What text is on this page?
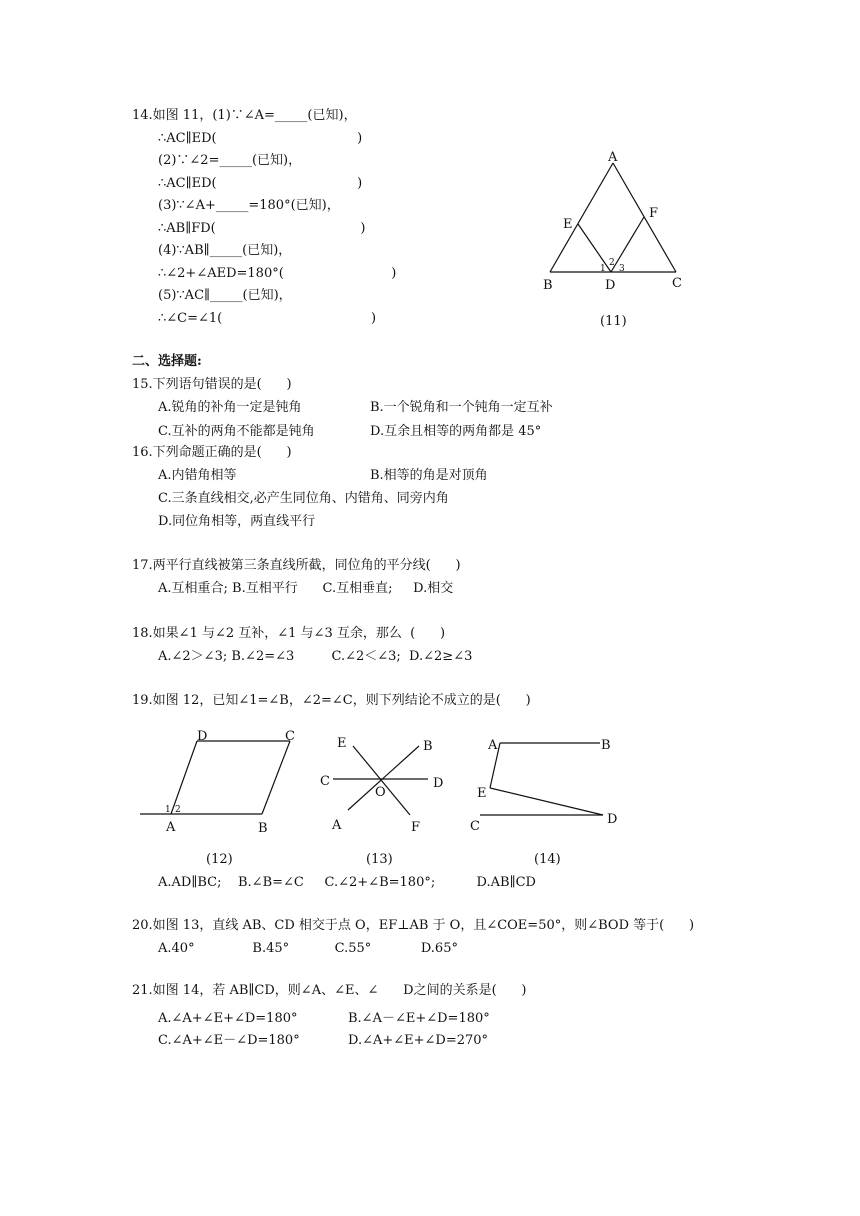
14.如图 11，(1)∵∠A=_____(已知)，
∴AC∥ED(                                  )
(2)∵∠2=_____(已知)，
∴AC∥ED(                                  )
(3)∵∠A+_____=180°(已知)，
∴AB∥FD(                                   )
(4)∵AB∥_____(已知)，
∴∠2+∠AED=180°(                          )
(5)∵AC∥_____(已知)，
∴∠C=∠1(                                    )
A
B	C
D
E
F
1
2
3
(11)
二、选择题:
15.下列语句错误的是(      )
A.锐角的补角一定是钝角	B.一个锐角和一个钝角一定互补
C.互补的两角不能都是钝角	D.互余且相等的两角都是 45°
16.下列命题正确的是(      )
A.内错角相等	B.相等的角是对顶角
C.三条直线相交,必产生同位角、内错角、同旁内角
D.同位角相等，两直线平行
17.两平行直线被第三条直线所截，同位角的平分线(      )
A.互相重合; B.互相平行      C.互相垂直;     D.相交
18.如果∠1 与∠2 互补，∠1 与∠3 互余，那么  (      )
A.∠2＞∠3; B.∠2=∠3         C.∠2＜∠3;  D.∠2≥∠3
19.如图 12，已知∠1=∠B，∠2=∠C，则下列结论不成立的是(      )
D	C
A	B
1 2
(12)
E	B
C	D
O
A	F
(13)
A	B
E
C	D
(14)
A.AD∥BC;    B.∠B=∠C     C.∠2+∠B=180°;          D.AB∥CD
20.如图 13，直线 AB、CD 相交于点 O，EF⊥AB 于 O，且∠COE=50°，则∠BOD 等于(      )
A.40°              B.45°           C.55°            D.65°
21.如图 14，若 AB∥CD，则∠A、∠E、∠      D之间的关系是(      )
A.∠A+∠E+∠D=180°	B.∠A－∠E+∠D=180°
C.∠A+∠E－∠D=180°	D.∠A+∠E+∠D=270°
